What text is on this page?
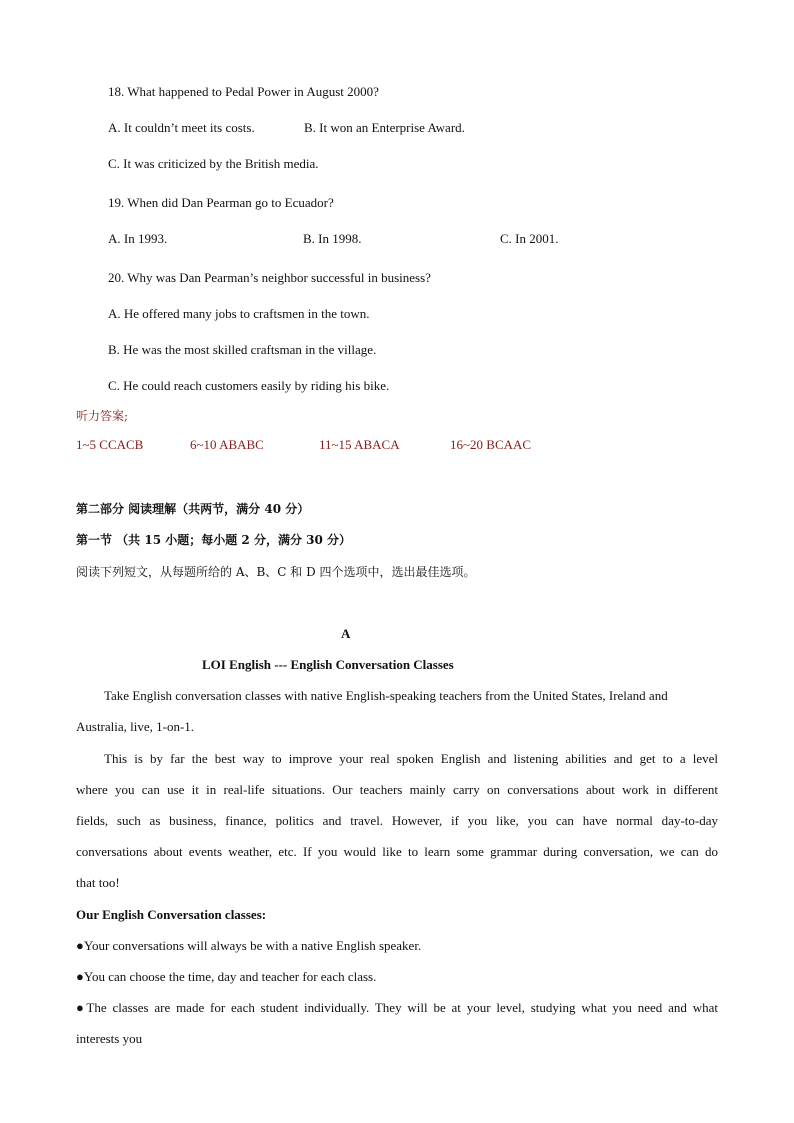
18. What happened to Pedal Power in August 2000?
A. It couldn’t meet its costs.	B. It won an Enterprise Award.
C. It was criticized by the British media.
19. When did Dan Pearman go to Ecuador?
A. In 1993.	B. In 1998.	C. In 2001.
20. Why was Dan Pearman’s neighbor successful in business?
A. He offered many jobs to craftsmen in the town.
B. He was the most skilled craftsman in the village.
C. He could reach customers easily by riding his bike.
听力答案;
1~5 CCACB	6~10 ABABC	11~15 ABACA	16~20 BCAAC
第二部分 阅读理解（共两节，满分 40 分）
第一节 （共 15 小题；每小题 2 分，满分 30 分）
阅读下列短文，从每题所给的 A、B、C 和 D 四个选项中，选出最佳选项。
A
LOI English --- English Conversation Classes
Take English conversation classes with native English-speaking teachers from the United States, Ireland and
Australia, live, 1-on-1.
This is by far the best way to improve your real spoken English and listening abilities and get to a level
where you can use it in real-life situations. Our teachers mainly carry on conversations about work in different
fields, such as business, finance, politics and travel. However, if you like, you can have normal day-to-day
conversations about events weather, etc. If you would like to learn some grammar during conversation, we can do
that too!
Our English Conversation classes:
●Your conversations will always be with a native English speaker.
●You can choose the time, day and teacher for each class.
●The classes are made for each student individually. They will be at your level, studying what you need and what
interests you
